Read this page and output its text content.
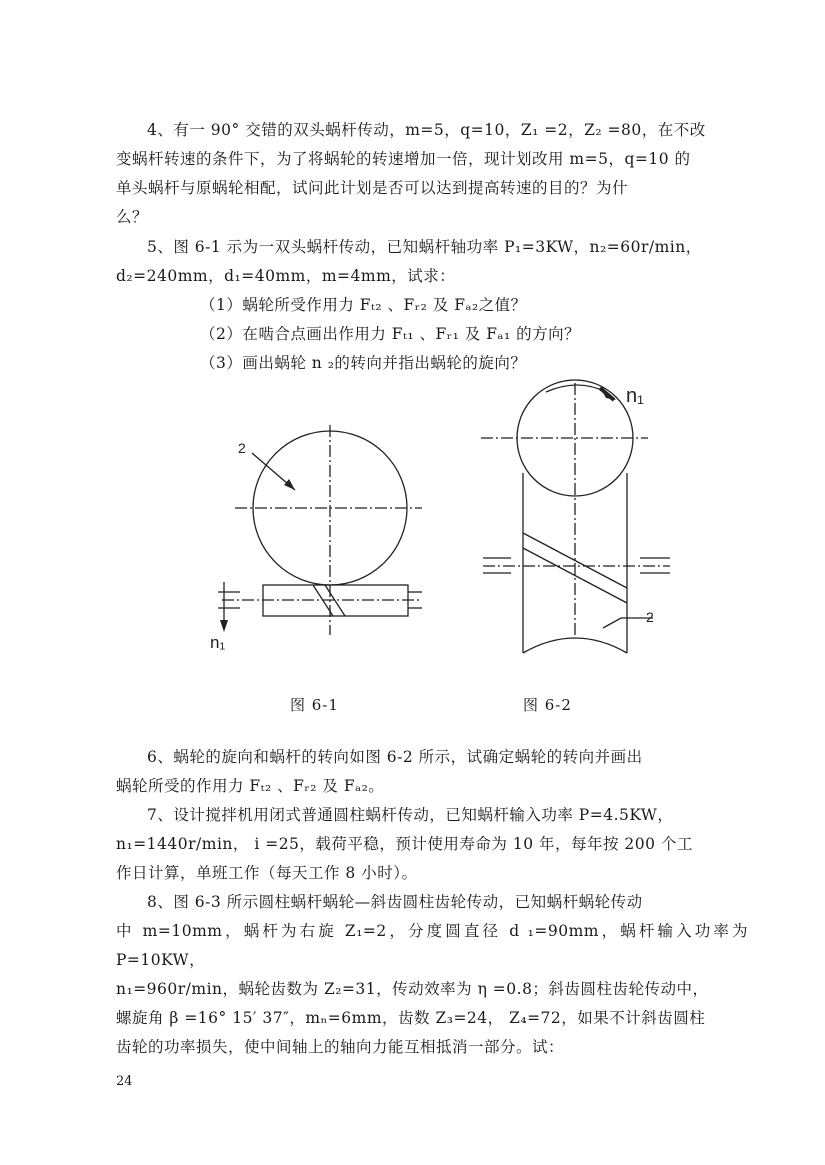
4、有一 90° 交错的双头蜗杆传动，m=5，q=10，Z₁ =2，Z₂ =80，在不改
变蜗杆转速的条件下，为了将蜗轮的转速增加一倍，现计划改用 m=5，q=10 的
单头蜗杆与原蜗轮相配，试问此计划是否可以达到提高转速的目的？为什
么？
5、图 6-1 示为一双头蜗杆传动，已知蜗杆轴功率 P₁=3KW，n₂=60r/min，
d₂=240mm，d₁=40mm，m=4mm，试求：
（1）蜗轮所受作用力 Fₜ₂ 、Fᵣ₂ 及 Fₐ₂之值？
（2）在啮合点画出作用力 Fₜ₁ 、Fᵣ₁ 及 Fₐ₁ 的方向？
（3）画出蜗轮 n ₂的转向并指出蜗轮的旋向？
2
n₁
n₁
2
图 6-1	图 6-2
6、蜗轮的旋向和蜗杆的转向如图 6-2 所示，试确定蜗轮的转向并画出
蜗轮所受的作用力 Fₜ₂ 、Fᵣ₂ 及 Fₐ₂。
7、设计搅拌机用闭式普通圆柱蜗杆传动，已知蜗杆输入功率 P=4.5KW，
n₁=1440r/min， i =25，载荷平稳，预计使用寿命为 10 年，每年按 200 个工
作日计算，单班工作（每天工作 8 小时）。
8、图 6-3 所示圆柱蜗杆蜗轮—斜齿圆柱齿轮传动，已知蜗杆蜗轮传动
中 m=10mm，蜗杆为右旋 Z₁=2，分度圆直径 d ₁=90mm，蜗杆输入功率为 P=10KW，
n₁=960r/min，蜗轮齿数为 Z₂=31，传动效率为 η =0.8；斜齿圆柱齿轮传动中，
螺旋角 β =16° 15′ 37″，mₙ=6mm，齿数 Z₃=24， Z₄=72，如果不计斜齿圆柱
齿轮的功率损失，使中间轴上的轴向力能互相抵消一部分。试：
24
